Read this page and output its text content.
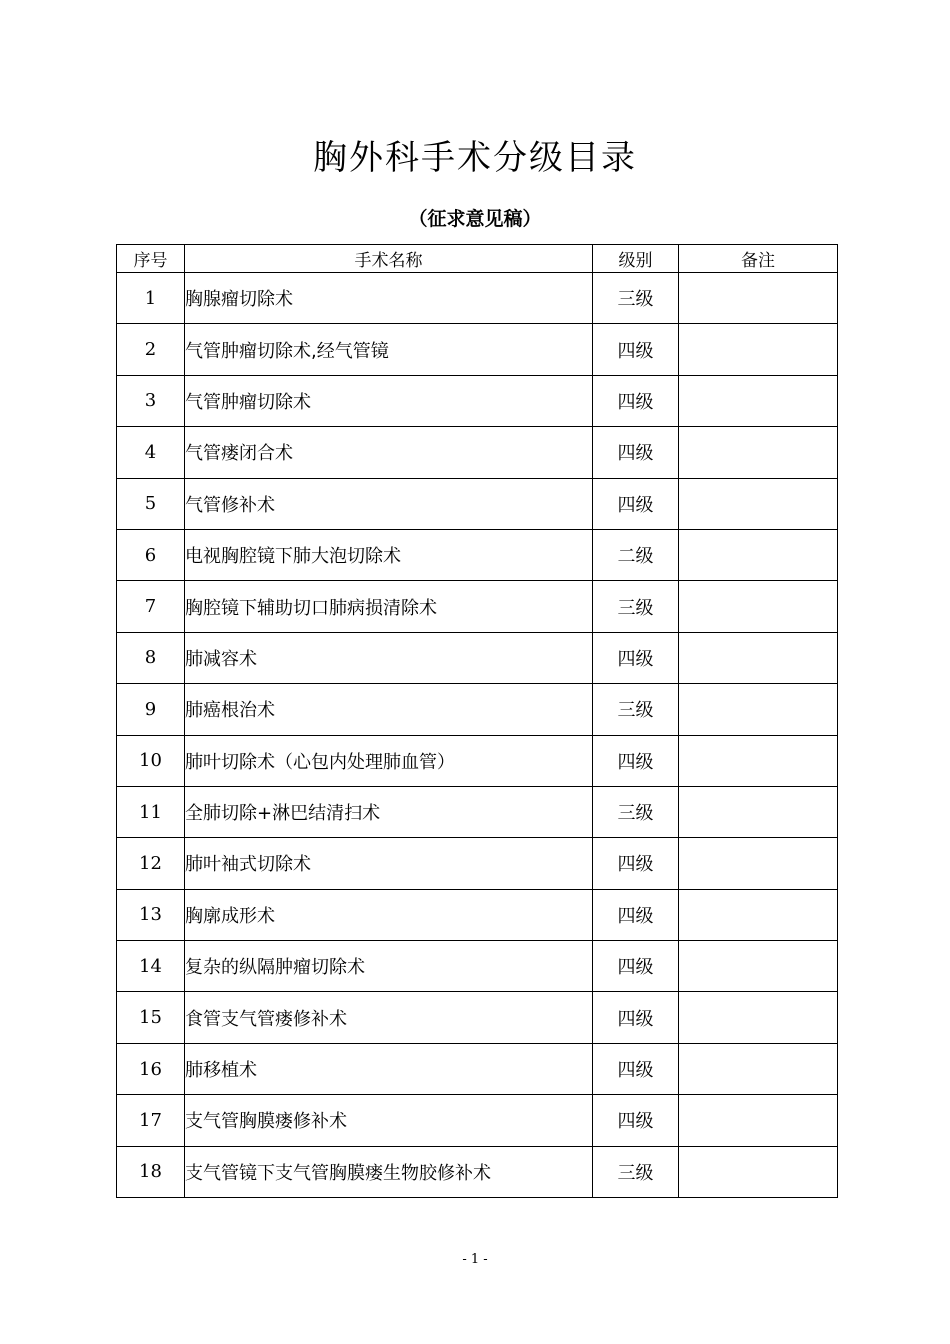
胸外科手术分级目录
（征求意见稿）
序号	手术名称	级别	备注
1	胸腺瘤切除术	三级	
2	气管肿瘤切除术,经气管镜	四级	
3	气管肿瘤切除术	四级	
4	气管瘘闭合术	四级	
5	气管修补术	四级	
6	电视胸腔镜下肺大泡切除术	二级	
7	胸腔镜下辅助切口肺病损清除术	三级	
8	肺减容术	四级	
9	肺癌根治术	三级	
10	肺叶切除术（心包内处理肺血管）	四级	
11	全肺切除+淋巴结清扫术	三级	
12	肺叶袖式切除术	四级	
13	胸廓成形术	四级	
14	复杂的纵隔肿瘤切除术	四级	
15	食管支气管瘘修补术	四级	
16	肺移植术	四级	
17	支气管胸膜瘘修补术	四级	
18	支气管镜下支气管胸膜瘘生物胶修补术	三级	
- 1 -
